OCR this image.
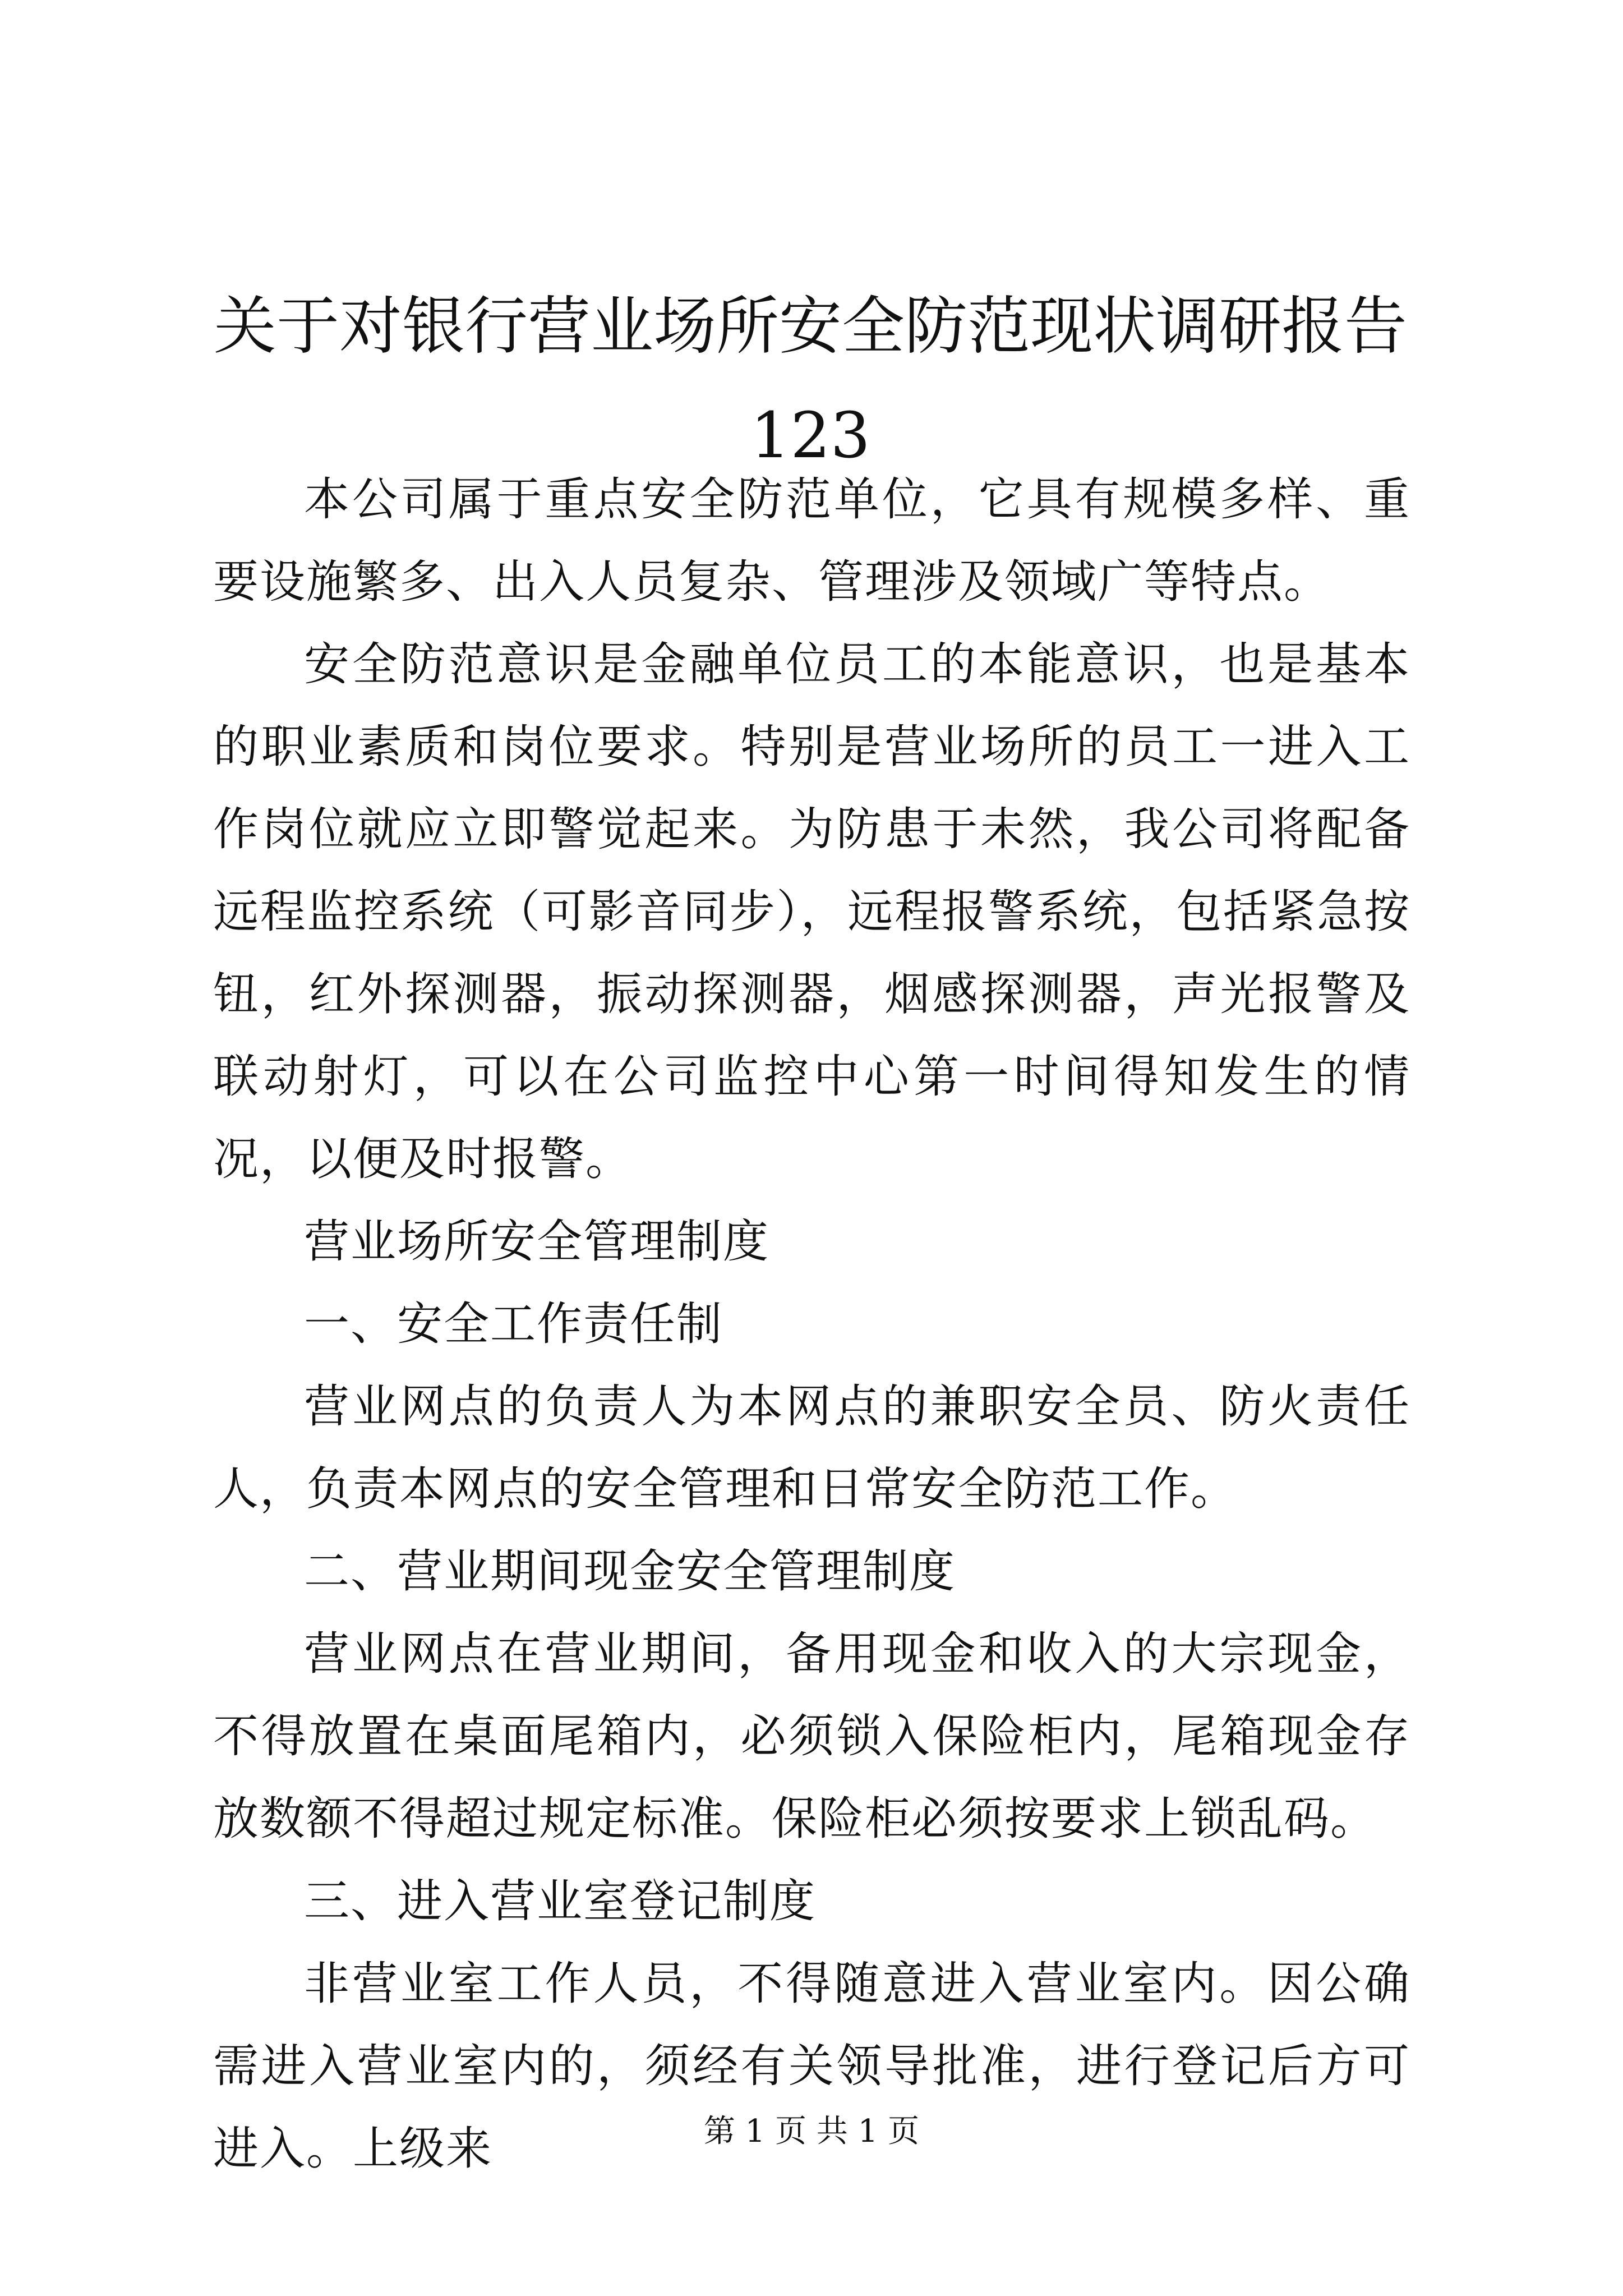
关于对银行营业场所安全防范现状调研报告123

本公司属于重点安全防范单位，它具有规模多样、重要设施繁多、出入人员复杂、管理涉及领域广等特点。

安全防范意识是金融单位员工的本能意识，也是基本的职业素质和岗位要求。特别是营业场所的员工一进入工作岗位就应立即警觉起来。为防患于未然，我公司将配备远程监控系统（可影音同步），远程报警系统，包括紧急按钮，红外探测器，振动探测器，烟感探测器，声光报警及联动射灯，可以在公司监控中心第一时间得知发生的情况，以便及时报警。

营业场所安全管理制度

一、安全工作责任制

营业网点的负责人为本网点的兼职安全员、防火责任人，负责本网点的安全管理和日常安全防范工作。

二、营业期间现金安全管理制度

营业网点在营业期间，备用现金和收入的大宗现金，不得放置在桌面尾箱内，必须锁入保险柜内，尾箱现金存放数额不得超过规定标准。保险柜必须按要求上锁乱码。

三、进入营业室登记制度

非营业室工作人员，不得随意进入营业室内。因公确需进入营业室内的，须经有关领导批准，进行登记后方可进入。上级来	第 1 页 共 1 页
